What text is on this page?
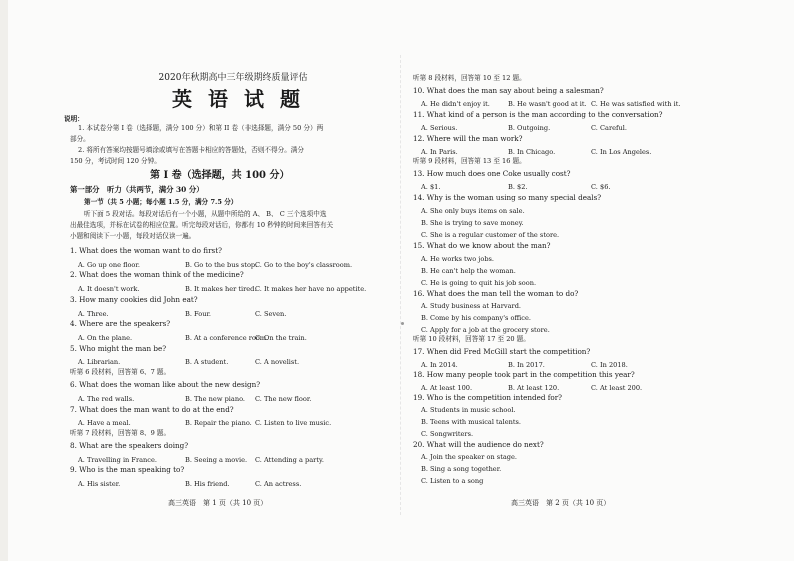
2020年秋期高中三年级期终质量评估
英语试题
说明：
1. 本试卷分第 I 卷（选择题，满分 100 分）和第 II 卷（非选择题，满分 50 分）两
部分。
2. 将所有答案均按题号填涂或填写在答题卡相应的答题处，否则不得分。满分
150 分，考试时间 120 分钟。
第 I 卷（选择题，共 100 分）
第一部分　听力（共两节，满分 30 分）
第一节（共 5 小题；每小题 1.5 分，满分 7.5 分）
听下面 5 段对话。每段对话后有一个小题，从题中所给的 A、 B、 C 三个选项中选
出最佳选项，并标在试卷的相应位置。听完每段对话后，你都有 10 秒钟的时间来回答有关
小题和阅读下一小题，每段对话仅读一遍。
1. What does the woman want to do first?
A. Go up one floor.	B. Go to the bus stop.
C. Go to the boy's classroom.
2. What does the woman think of the medicine?
A. It doesn't work.	B. It makes her tired.
C. It makes her have no appetite.
3. How many cookies did John eat?
A. Three.	B. Four.	C. Seven.
4. Where are the speakers?
A. On the plane.	B. At a conference room.
C. On the train.
5. Who might the man be?
A. Librarian.	B. A student.	C. A novelist.
听第 6 段材料，回答第 6、7 题。
6. What does the woman like about the new design?
A. The red walls.	B. The new piano. C. The new floor.
7. What does the man want to do at the end?
A. Have a meal.	B. Repair the piano. C. Listen to live music.
听第 7 段材料，回答第 8、9 题。
8. What are the speakers doing?
A. Travelling in France.	B. Seeing a movie. C. Attending a party.
9. Who is the man speaking to?
A. His sister.	B. His friend.	C. An actress.
高三英语　第 1 页（共 10 页）
听第 8 段材料，回答第 10 至 12 题。
10. What does the man say about being a salesman?
A. He didn't enjoy it.	B. He wasn't good at it. C. He was satisfied with it.
11. What kind of a person is the man according to the conversation?
A. Serious.	B. Outgoing.	C. Careful.
12. Where will the man work?
A. In Paris.	B. In Chicago.	C. In Los Angeles.
听第 9 段材料，回答第 13 至 16 题。
13. How much does one Coke usually cost?
A. $1.	B. $2.	C. $6.
14. Why is the woman using so many special deals?
A. She only buys items on sale.
B. She is trying to save money.
C. She is a regular customer of the store.
15. What do we know about the man?
A. He works two jobs.
B. He can't help the woman.
C. He is going to quit his job soon.
16. What does the man tell the woman to do?
A. Study business at Harvard.
B. Come by his company's office.
C. Apply for a job at the grocery store.
听第 10 段材料，回答第 17 至 20 题。
17. When did Fred McGill start the competition?
A. In 2014.	B. In 2017.	C. In 2018.
18. How many people took part in the competition this year?
A. At least 100.	B. At least 120.	C. At least 200.
19. Who is the competition intended for?
A. Students in music school.
B. Teens with musical talents.
C. Songwriters.
20. What will the audience do next?
A. Join the speaker on stage.
B. Sing a song together.
C. Listen to a song
高三英语　第 2 页（共 10 页）
